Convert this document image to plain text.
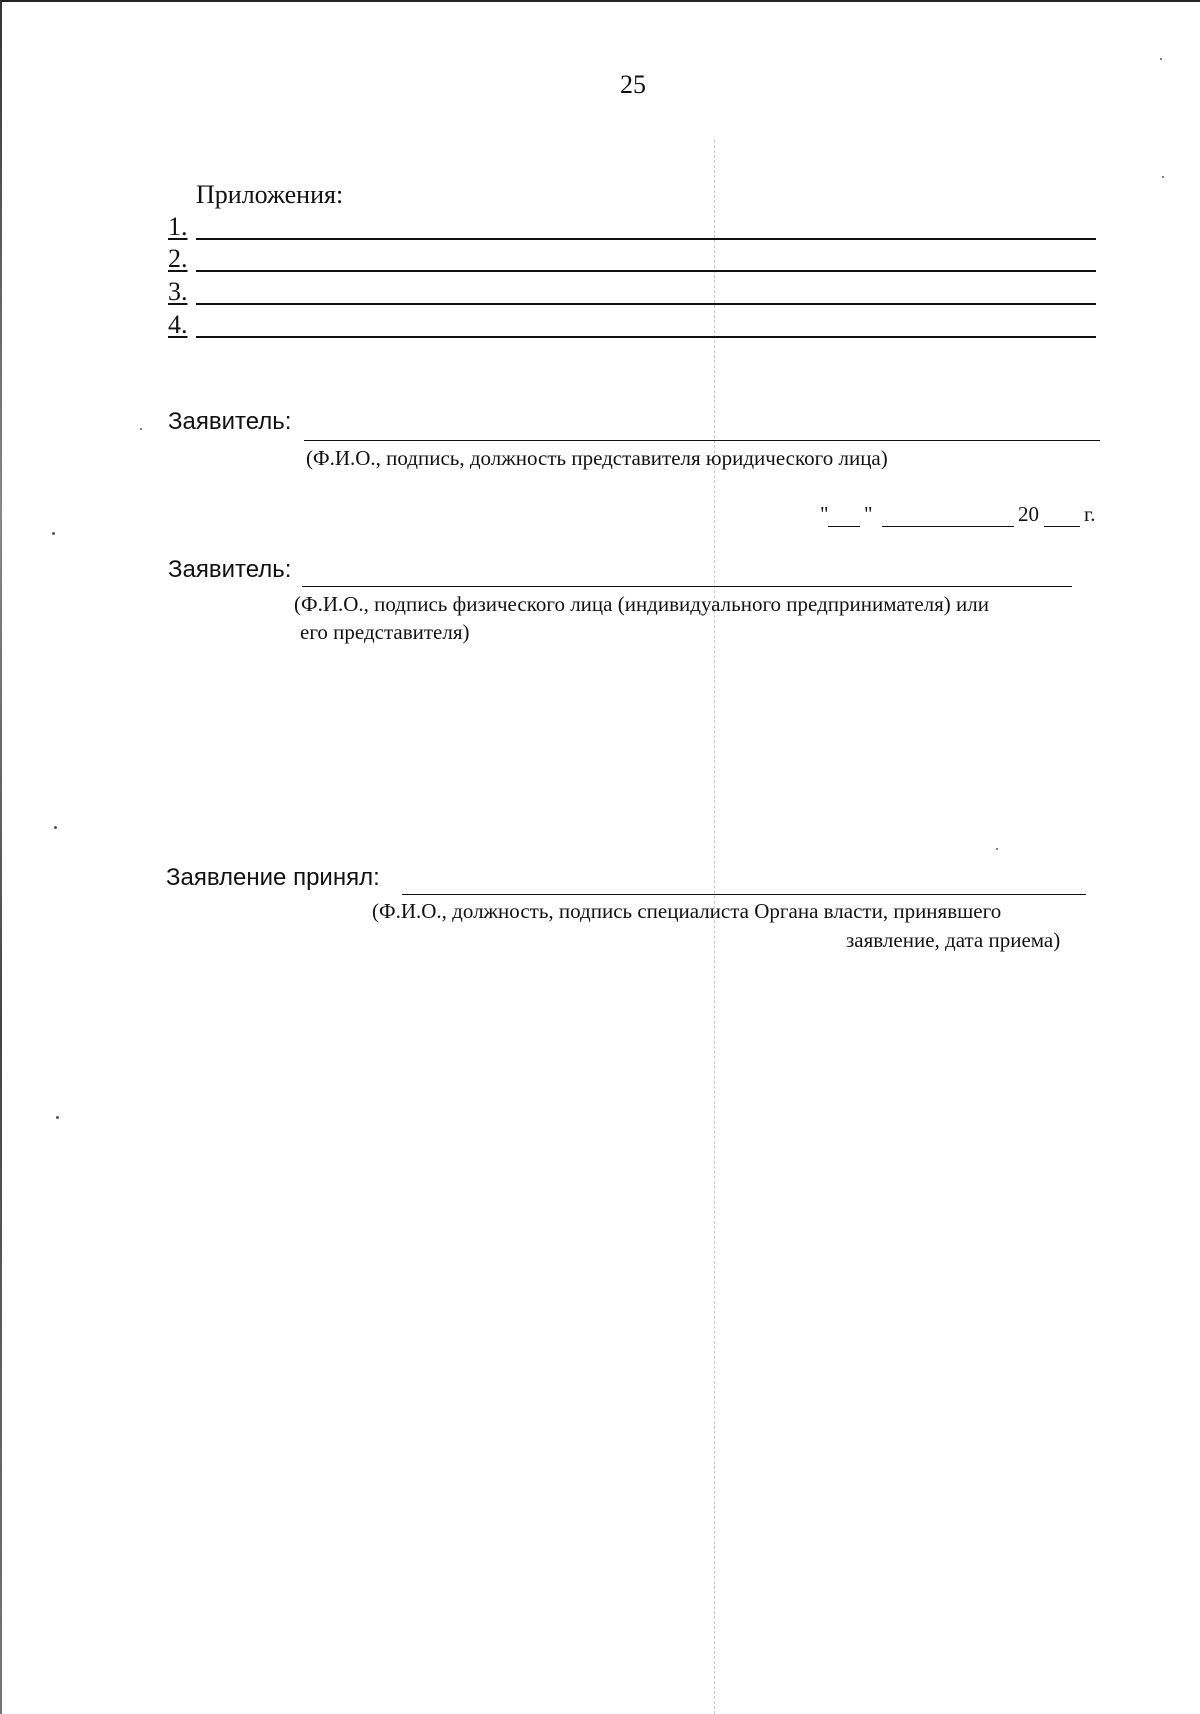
25
Приложения:
1.
2.
3.
4.
Заявитель:
(Ф.И.О., подпись, должность представителя юридического лица)
" "	20 г.
Заявитель:
(Ф.И.О., подпись физического лица (индивидуального предпринимателя) или
его представителя)
Заявление принял:
(Ф.И.О., должность, подпись специалиста Органа власти, принявшего
заявление, дата приема)
